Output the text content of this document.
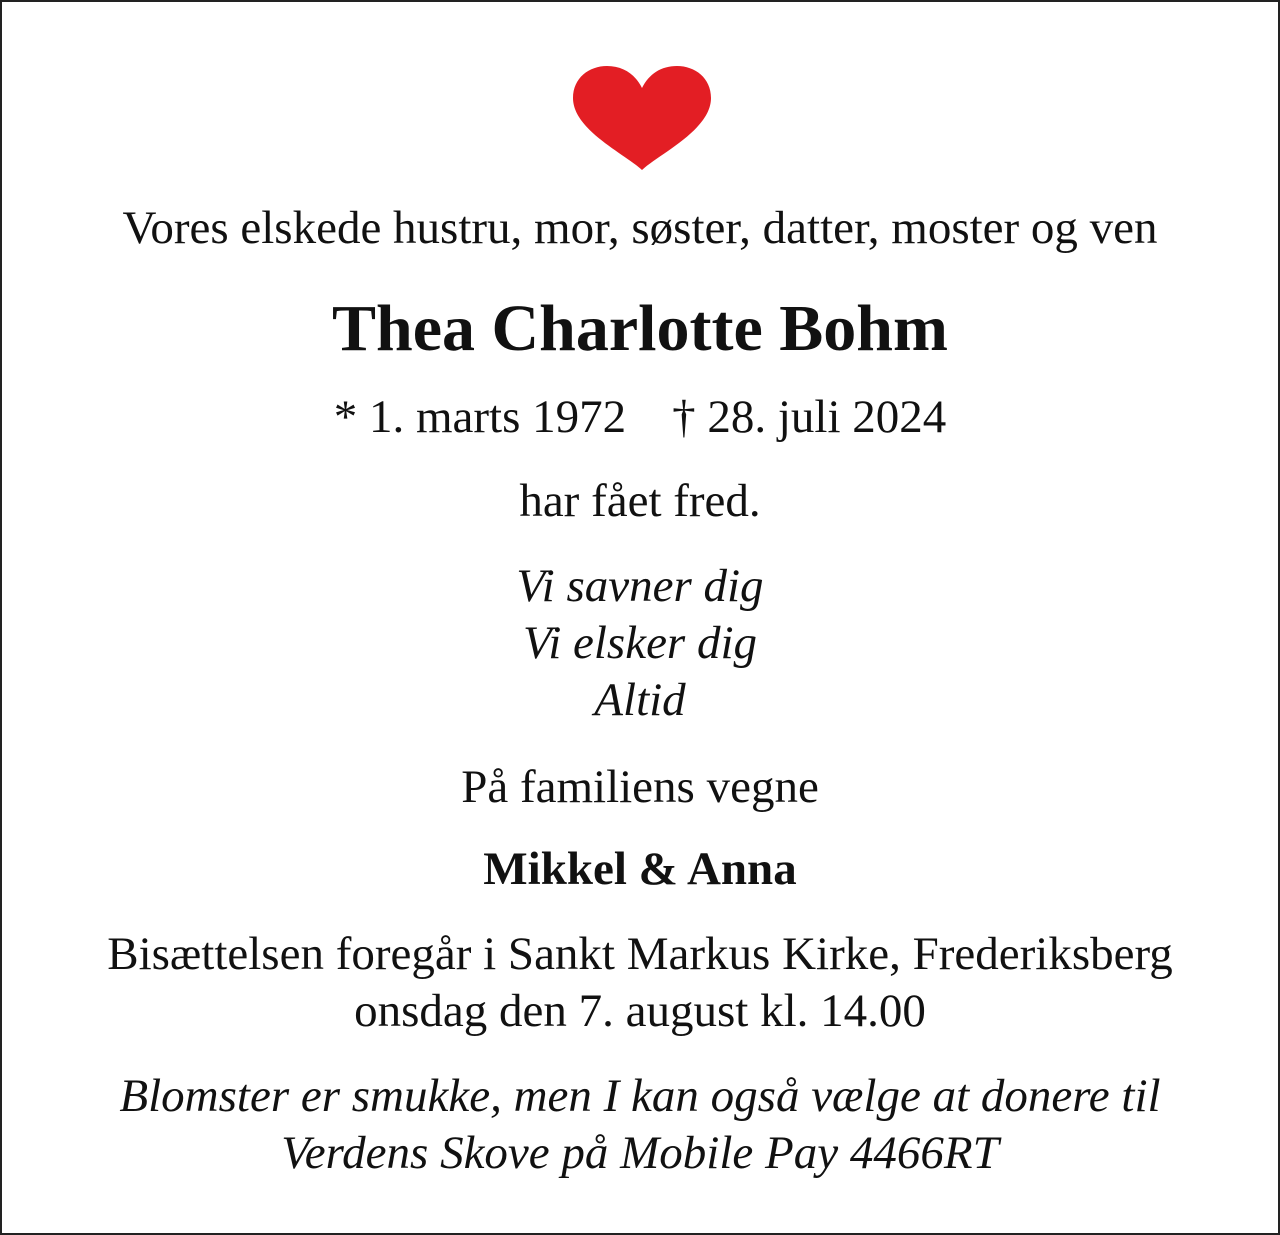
Vores elskede hustru, mor, søster, datter, moster og ven
Thea Charlotte Bohm
* 1. marts 1972 † 28. juli 2024
har fået fred.
Vi savner dig
Vi elsker dig
Altid
På familiens vegne
Mikkel & Anna
Bisættelsen foregår i Sankt Markus Kirke, Frederiksberg
onsdag den 7. august kl. 14.00
Blomster er smukke, men I kan også vælge at donere til
Verdens Skove på Mobile Pay 4466RT
